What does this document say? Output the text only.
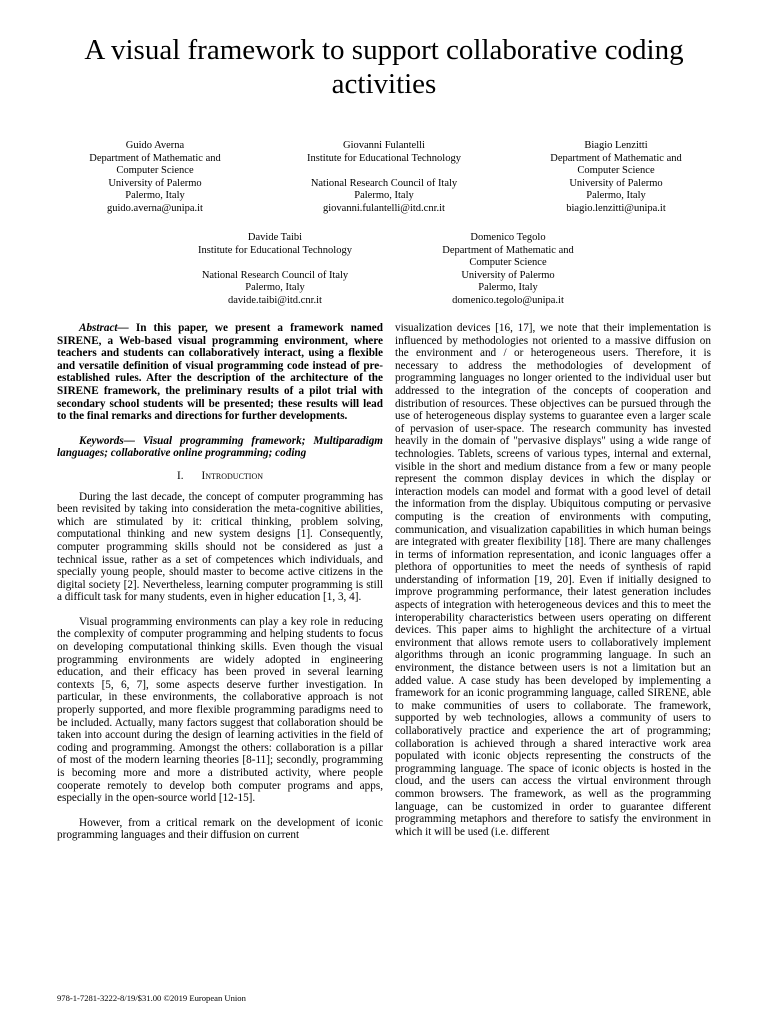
A visual framework to support collaborative coding activities
Guido Averna
Department of Mathematic and
Computer Science
University of Palermo
Palermo, Italy
guido.averna@unipa.it
Giovanni Fulantelli
Institute for Educational Technology

National Research Council of Italy
Palermo, Italy
giovanni.fulantelli@itd.cnr.it
Biagio Lenzitti
Department of Mathematic and
Computer Science
University of Palermo
Palermo, Italy
biagio.lenzitti@unipa.it
Davide Taibi
Institute for Educational Technology

National Research Council of Italy
Palermo, Italy
davide.taibi@itd.cnr.it
Domenico Tegolo
Department of Mathematic and
Computer Science
University of Palermo
Palermo, Italy
domenico.tegolo@unipa.it

Abstract— In this paper, we present a framework named SIRENE, a Web-based visual programming environment, where teachers and students can collaboratively interact, using a flexible and versatile definition of visual programming code instead of pre-established rules. After the description of the architecture of the SIRENE framework, the preliminary results of a pilot trial with secondary school students will be presented; these results will lead to the final remarks and directions for further developments.

Keywords— Visual programming framework; Multiparadigm languages; collaborative online programming; coding

I. Introduction

During the last decade, the concept of computer programming has been revisited by taking into consideration the meta-cognitive abilities, which are stimulated by it: critical thinking, problem solving, computational thinking and new system designs [1]. Consequently, computer programming skills should not be considered as just a technical issue, rather as a set of competences which individuals, and specially young people, should master to become active citizens in the digital society [2]. Nevertheless, learning computer programming is still a difficult task for many students, even in higher education [1, 3, 4].

Visual programming environments can play a key role in reducing the complexity of computer programming and helping students to focus on developing computational thinking skills. Even though the visual programming environments are widely adopted in engineering education, and their efficacy has been proved in several learning contexts [5, 6, 7], some aspects deserve further investigation. In particular, in these environments, the collaborative approach is not properly supported, and more flexible programming paradigms need to be included. Actually, many factors suggest that collaboration should be taken into account during the design of learning activities in the field of coding and programming. Amongst the others: collaboration is a pillar of most of the modern learning theories [8-11]; secondly, programming is becoming more and more a distributed activity, where people cooperate remotely to develop both computer programs and apps, especially in the open-source world [12-15].

However, from a critical remark on the development of iconic programming languages and their diffusion on current

visualization devices [16, 17], we note that their implementation is influenced by methodologies not oriented to a massive diffusion on the environment and / or heterogeneous users. Therefore, it is necessary to address the methodologies of development of programming languages no longer oriented to the individual user but addressed to the integration of the concepts of cooperation and distribution of resources. These objectives can be pursued through the use of heterogeneous display systems to guarantee even a larger scale of pervasion of user-space. The research community has invested heavily in the domain of "pervasive displays" using a wide range of technologies. Tablets, screens of various types, internal and external, visible in the short and medium distance from a few or many people represent the common display devices in which the display or interaction models can model and format with a good level of detail the information from the display. Ubiquitous computing or pervasive computing is the creation of environments with computing, communication, and visualization capabilities in which human beings are integrated with greater flexibility [18]. There are many challenges in terms of information representation, and iconic languages offer a plethora of opportunities to meet the needs of synthesis of rapid understanding of information [19, 20]. Even if initially designed to improve programming performance, their latest generation includes aspects of integration with heterogeneous devices and this to meet the interoperability characteristics between users operating on different devices. This paper aims to highlight the architecture of a virtual environment that allows remote users to collaboratively implement algorithms through an iconic programming language. In such an environment, the distance between users is not a limitation but an added value. A case study has been developed by implementing a framework for an iconic programming language, called SIRENE, able to make communities of users to collaborate. The framework, supported by web technologies, allows a community of users to collaboratively practice and experience the art of programming; collaboration is achieved through a shared interactive work area populated with iconic objects representing the constructs of the programming language. The space of iconic objects is hosted in the cloud, and the users can access the virtual environment through common browsers. The framework, as well as the programming language, can be customized in order to guarantee different programming metaphors and therefore to satisfy the environment in which it will be used (i.e. different

978-1-7281-3222-8/19/$31.00 ©2019 European Union
